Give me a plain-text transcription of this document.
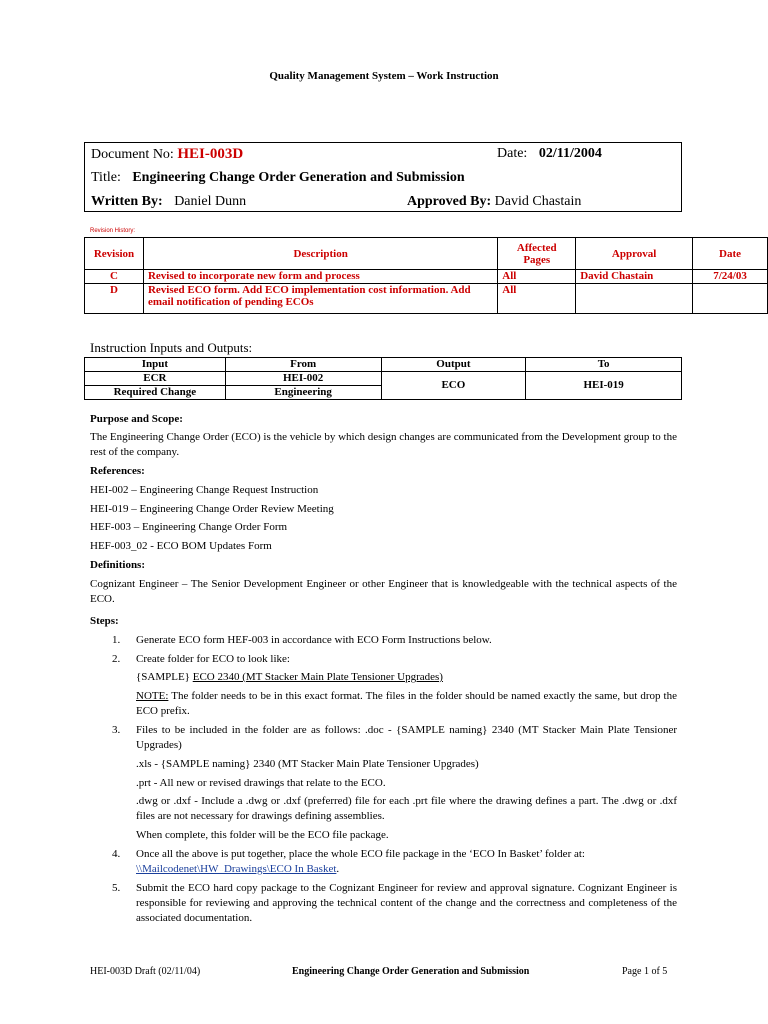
Quality Management System – Work Instruction
Document No: HEI-003D	Date: 02/11/2004
Title: Engineering Change Order Generation and Submission
Written By: Daniel Dunn	Approved By: David Chastain
Revision History:
Revision	Description	Affected Pages	Approval	Date
C	Revised to incorporate new form and process	All	David Chastain	7/24/03
D	Revised ECO form. Add ECO implementation cost information. Add email notification of pending ECOs	All		
Instruction Inputs and Outputs:
Input	From	Output	To
ECR	HEI-002	ECO	HEI-019
Required Change	Engineering		
Purpose and Scope:
The Engineering Change Order (ECO) is the vehicle by which design changes are communicated from the Development group to the rest of the company.
References:
HEI-002 – Engineering Change Request Instruction
HEI-019 – Engineering Change Order Review Meeting
HEF-003 – Engineering Change Order Form
HEF-003_02 - ECO BOM Updates Form
Definitions:
Cognizant Engineer – The Senior Development Engineer or other Engineer that is knowledgeable with the technical aspects of the ECO.
Steps:
1.	Generate ECO form HEF-003 in accordance with ECO Form Instructions below.
2.	Create folder for ECO to look like:
{SAMPLE} ECO 2340 (MT Stacker Main Plate Tensioner Upgrades)
NOTE: The folder needs to be in this exact format. The files in the folder should be named exactly the same, but drop the ECO prefix.
3.	Files to be included in the folder are as follows: .doc - {SAMPLE naming} 2340 (MT Stacker Main Plate Tensioner Upgrades)
.xls - {SAMPLE naming} 2340 (MT Stacker Main Plate Tensioner Upgrades)
.prt - All new or revised drawings that relate to the ECO.
.dwg or .dxf - Include a .dwg or .dxf (preferred) file for each .prt file where the drawing defines a part. The .dwg or .dxf files are not necessary for drawings defining assemblies.
When complete, this folder will be the ECO file package.
4.	Once all the above is put together, place the whole ECO file package in the ‘ECO In Basket’ folder at:
\\Mailcodenet\HW_Drawings\ECO In Basket.
5.	Submit the ECO hard copy package to the Cognizant Engineer for review and approval signature. Cognizant Engineer is responsible for reviewing and approving the technical content of the change and the correctness and completeness of the associated documentation.
HEI-003D Draft (02/11/04)	Engineering Change Order Generation and Submission	Page 1 of 5
